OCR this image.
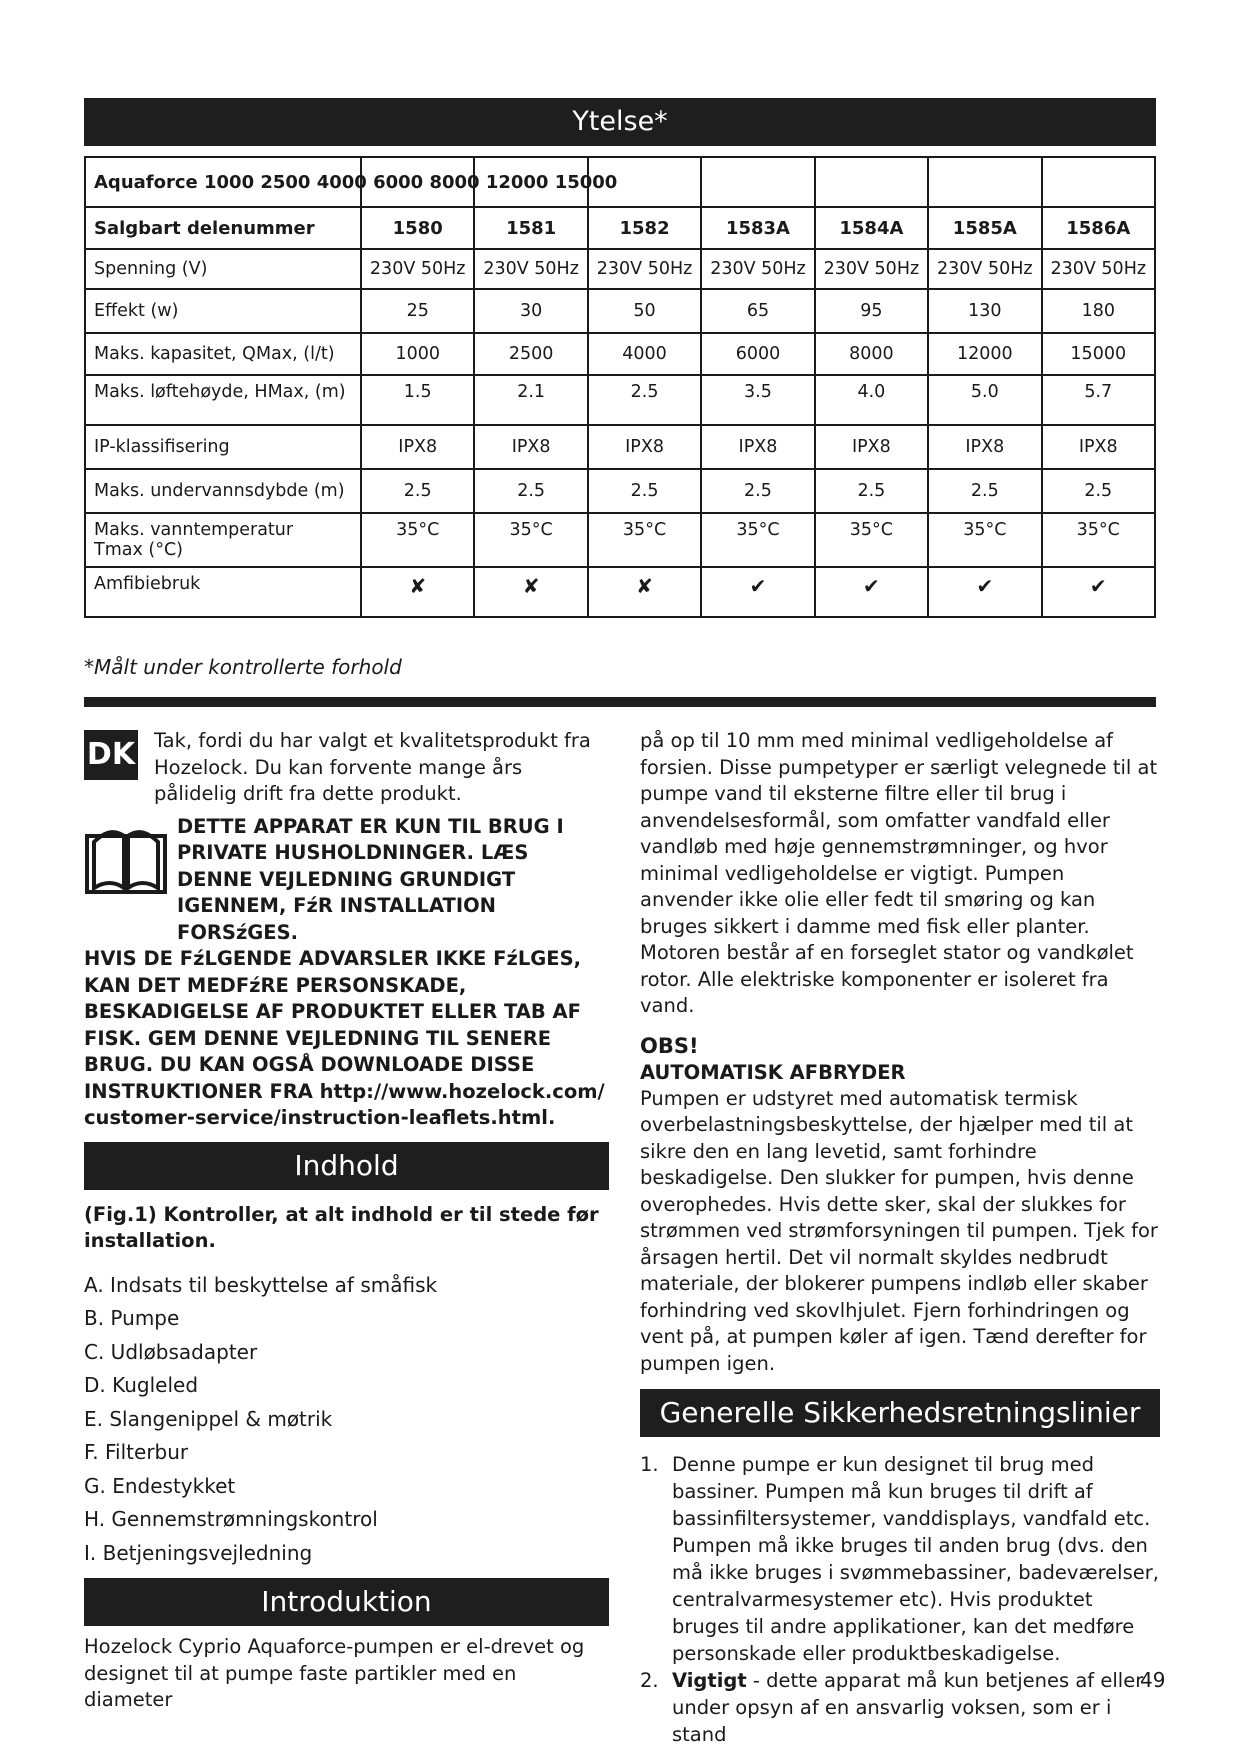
Ytelse*
Aquaforce 1000 2500 4000 6000 8000 12000 15000							
Salgbart delenummer	1580	1581	1582	1583A	1584A	1585A	1586A
Spenning (V)	230V 50Hz	230V 50Hz	230V 50Hz	230V 50Hz	230V 50Hz	230V 50Hz	230V 50Hz
Effekt (w)	25	30	50	65	95	130	180
Maks. kapasitet, QMax, (l/t)	1000	2500	4000	6000	8000	12000	15000
Maks. løftehøyde, HMax, (m)	1.5	2.1	2.5	3.5	4.0	5.0	5.7
IP-klassifisering	IPX8	IPX8	IPX8	IPX8	IPX8	IPX8	IPX8
Maks. undervannsdybde (m)	2.5	2.5	2.5	2.5	2.5	2.5	2.5
Maks. vanntemperatur
Tmax (°C)	35°C	35°C	35°C	35°C	35°C	35°C	35°C
Amfibiebruk	✘	✘	✘	✔	✔	✔	✔
*Målt under kontrollerte forhold
DK Tak, fordi du har valgt et kvalitetsprodukt fra Hozelock. Du kan forvente mange års pålidelig drift fra dette produkt.
DETTE APPARAT ER KUN TIL BRUG I PRIVATE HUSHOLDNINGER. LÆS DENNE VEJLEDNING GRUNDIGT IGENNEM, FźR INSTALLATION FORSźGES.
HVIS DE FźLGENDE ADVARSLER IKKE FźLGES, KAN DET MEDFźRE PERSONSKADE, BESKADIGELSE AF PRODUKTET ELLER TAB AF FISK. GEM DENNE VEJLEDNING TIL SENERE BRUG. DU KAN OGSÅ DOWNLOADE DISSE INSTRUKTIONER FRA http://www.hozelock.com/ customer-service/instruction-leaflets.html.
Indhold
(Fig.1) Kontroller, at alt indhold er til stede før installation.
A. Indsats til beskyttelse af småfisk
B. Pumpe
C. Udløbsadapter
D. Kugleled
E. Slangenippel & møtrik
F. Filterbur
G. Endestykket
H. Gennemstrømningskontrol
I. Betjeningsvejledning
Introduktion
Hozelock Cyprio Aquaforce-pumpen er el-drevet og designet til at pumpe faste partikler med en diameter

på op til 10 mm med minimal vedligeholdelse af forsien. Disse pumpetyper er særligt velegnede til at pumpe vand til eksterne filtre eller til brug i anvendelsesformål, som omfatter vandfald eller vandløb med høje gennemstrømninger, og hvor minimal vedligeholdelse er vigtigt. Pumpen anvender ikke olie eller fedt til smøring og kan bruges sikkert i damme med fisk eller planter. Motoren består af en forseglet stator og vandkølet rotor. Alle elektriske komponenter er isoleret fra vand.

OBS!
AUTOMATISK AFBRYDER

Pumpen er udstyret med automatisk termisk overbelastningsbeskyttelse, der hjælper med til at sikre den en lang levetid, samt forhindre beskadigelse. Den slukker for pumpen, hvis denne overophedes. Hvis dette sker, skal der slukkes for strømmen ved strømforsyningen til pumpen. Tjek for årsagen hertil. Det vil normalt skyldes nedbrudt materiale, der blokerer pumpens indløb eller skaber forhindring ved skovlhjulet. Fjern forhindringen og vent på, at pumpen køler af igen. Tænd derefter for pumpen igen.

Generelle Sikkerhedsretningslinier
1. Denne pumpe er kun designet til brug med bassiner. Pumpen må kun bruges til drift af bassinfiltersystemer, vanddisplays, vandfald etc. Pumpen må ikke bruges til anden brug (dvs. den må ikke bruges i svømmebassiner, badeværelser, centralvarmesystemer etc). Hvis produktet bruges til andre applikationer, kan det medføre personskade eller produktbeskadigelse.
2. Vigtigt - dette apparat må kun betjenes af eller under opsyn af en ansvarlig voksen, som er i stand
49
